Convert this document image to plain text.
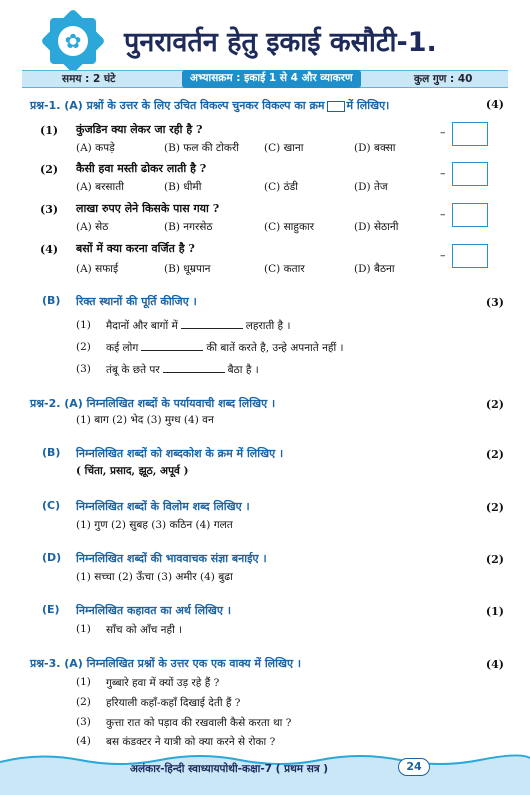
✿ पुनरावर्तन हेतु इकाई कसौटी-1.
समय : 2 घंटे	अभ्यासक्रम : इकाई 1 से 4 और व्याकरण	कुल गुण : 40
प्रश्न-1. (A) प्रश्नों के उत्तर के लिए उचित विकल्प चुनकर विकल्प का क्रम में लिखिए।	(4)
(1) कुंजडिन क्या लेकर जा रही है ?
(A) कपड़े	(B) फल की टोकरी (C) खाना	(D) बक्सा
–
(2) कैसी हवा मस्ती ढोकर लाती है ?
(A) बरसाती	(B) धीमी	(C) ठंडी	(D) तेज
–
(3) लाखा रुपए लेने किसके पास गया ?
(A) सेठ	(B) नगरसेठ	(C) साहुकार	(D) सेठानी
–
(4) बसों में क्या करना वर्जित है ?
(A) सफाई	(B) धूम्रपान	(C) कतार	(D) बैठना
–
(B) रिक्त स्थानों की पूर्ति कीजिए ।	(3)
(1) मैदानों और बागों में	लहराती है ।
(2) कई लोग	की बातें करते है, उन्हे अपनाते नहीं ।
(3) तंबू के छते पर	बैठा है ।
प्रश्न-2. (A) निम्नलिखित शब्दों के पर्यायवाची शब्द लिखिए ।	(2)
(1) बाग (2) भेद (3) मुग्ध (4) वन
(B) निम्नलिखित शब्दों को शब्दकोश के क्रम में लिखिए ।	(2)
( चिंता, प्रसाद, झूठ, अपूर्व )
(C) निम्नलिखित शब्दों के विलोम शब्द लिखिए ।	(2)
(1) गुण (2) सुबह (3) कठिन (4) गलत
(D) निम्नलिखित शब्दों की भाववाचक संज्ञा बनाईए ।	(2)
(1) सच्चा (2) ऊँचा (3) अमीर (4) बुढा
(E) निम्नलिखित कहावत का अर्थ लिखिए ।	(1)
(1) साँच को आँच नही ।
प्रश्न-3. (A) निम्नलिखित प्रश्नों के उत्तर एक एक वाक्य में लिखिए ।	(4)
(1) गुब्बारे हवा में क्यों उड़ रहे हैं ?
(2) हरियाली कहाँ-कहाँ दिखाई देती हैं ?
(3) कुत्ता रात को पड़ाव की रखवाली कैसे करता था ?
(4) बस कंडक्टर ने यात्री को क्या करने से रोका ?
अलंकार-हिन्दी स्वाध्यायपोथी-कक्षा-7 ( प्रथम सत्र )	24
